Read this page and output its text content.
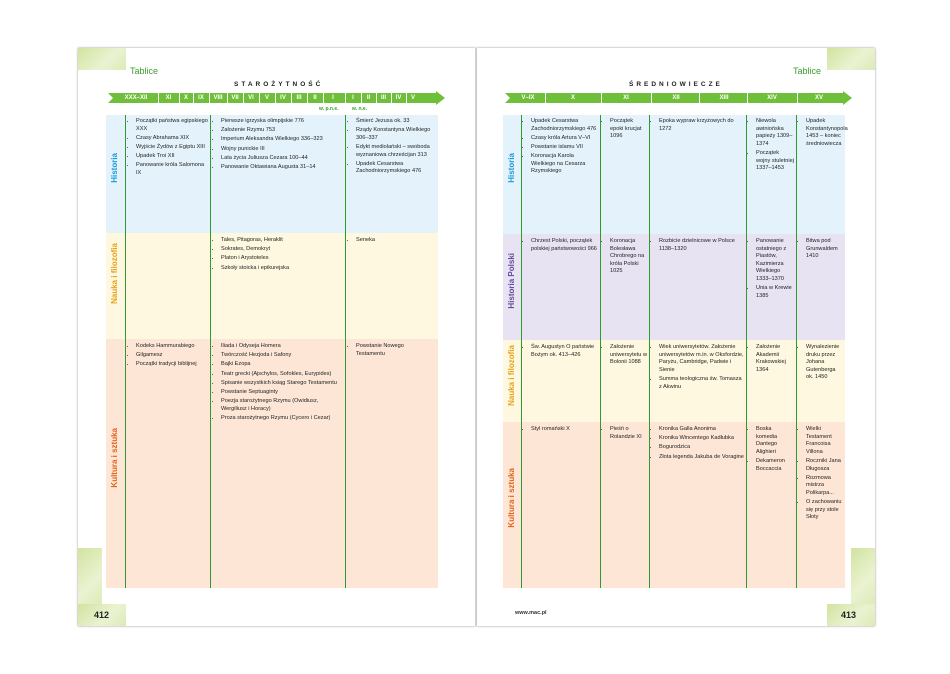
Tablice
STAROŻYTNOŚĆ
XXX–XII	XI	X	IX	VIII	VII	VI	V	IV	III	II	I	I	II	III	IV	V
w. p.n.e.	w. n.e.
Historia
Nauka i filozofia
Kultura i sztuka
• Początki państwa egipskiego XXX
• Czasy Abrahama XIX
• Wyjście Żydów z Egiptu XIII
• Upadek Troi XII
• Panowanie króla Salomona IX
• Pierwsze igrzyska olimpijskie 776
• Założenie Rzymu 753
• Imperium Aleksandra Wielkiego 336–323
• Wojny punickie III
• Lata życia Juliusza Cezara 100–44
• Panowanie Oktawiana Augusta 31–14
• Śmierć Jezusa ok. 33
• Rządy Konstantyna Wielkiego 306–337
• Edykt mediolański – swoboda wyznaniowa chrześcijan 313
• Upadek Cesarstwa Zachodniorzymskiego 476
• Tales, Pitagoras, Heraklit
• Sokrates, Demokryt
• Platon i Arystoteles
• Szkoły stoicka i epikurejska
• Seneka
• Kodeks Hammurabiego
• Gilgamesz
• Początki tradycji biblijnej
• Iliada i Odyseja Homera
• Twórczość Hezjoda i Safony
• Bajki Ezopa
• Teatr grecki (Ajschylos, Sofokles, Eurypides)
• Spisanie wszystkich ksiąg Starego Testamentu
• Powstanie Septuaginty
• Poezja starożytnego Rzymu (Owidiusz, Wergiliusz i Horacy)
• Proza starożytnego Rzymu (Cycero i Cezar)
• Powstanie Nowego Testamentu
412
Tablice
ŚREDNIOWIECZE
V–IX	X	XI	XII	XIII	XIV	XV
Historia
Historia Polski
Nauka i filozofia
Kultura i sztuka
• Upadek Cesarstwa Zachodniorzymskiego 476
• Czasy króla Artura V–VI
• Powstanie islamu VII
• Koronacja Karola Wielkiego na Cesarza Rzymskiego
• Początek epoki krucjat 1096
• Epoka wypraw krzyżowych do 1272
• Niewola awiniońska papieży 1309–1374
• Początek wojny stuletniej 1337–1453
• Upadek Konstantynopola 1453 – koniec średniowiecza
• Chrzest Polski, początek polskiej państwowości 966
• Koronacja Bolesława Chrobrego na króla Polski 1025
• Rozbicie dzielnicowe w Polsce 1138–1320
• Panowanie ostatniego z Piastów, Kazimierza Wielkiego 1333–1370
• Unia w Krewie 1385
• Bitwa pod Grunwaldem 1410
• Św. Augustyn O państwie Bożym ok. 413–426
• Założenie uniwersytetu w Bolonii 1088
• Wiek uniwersytetów. Założenie uniwersytetów m.in. w Oksfordzie, Paryżu, Cambridge, Padwie i Sienie
• Summa teologiczna św. Tomasza z Akwinu
• Założenie Akademii Krakowskiej 1364
• Wynalezienie druku przez Johana Gutenberga ok. 1450
• Styl romański X
•	Pieśń o Rolandzie XI
• Kronika Galla Anonima
• Kronika Wincentego Kadłubka
• Bogurodzica
• Złota legenda Jakuba de Voragine
• Boska komedia Dantego Alighieri
• Dekameron Boccaccia
• Wielki Testament Francoisa Villona
• Roczniki Jana Długosza
• Rozmowa mistrza Polikarpa...
• O zachowaniu się przy stole Słoty
www.mac.pl	413
